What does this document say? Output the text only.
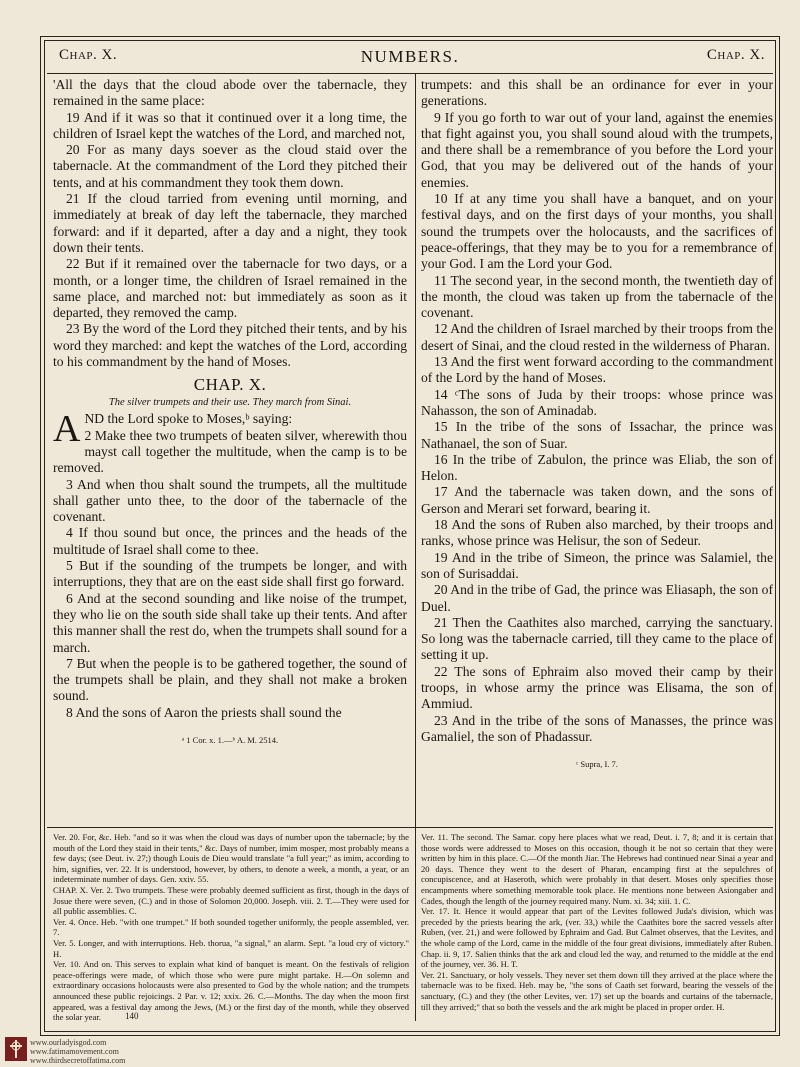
Chap. X.	NUMBERS.	Chap. X.

'All the days that the cloud abode over the tabernacle, they remained in the same place:

19 And if it was so that it continued over it a long time, the children of Israel kept the watches of the Lord, and marched not,

20 For as many days soever as the cloud staid over the tabernacle. At the commandment of the Lord they pitched their tents, and at his commandment they took them down.

21 If the cloud tarried from evening until morning, and immediately at break of day left the tabernacle, they marched forward: and if it departed, after a day and a night, they took down their tents.

22 But if it remained over the tabernacle for two days, or a month, or a longer time, the children of Israel remained in the same place, and marched not: but immediately as soon as it departed, they removed the camp.

23 By the word of the Lord they pitched their tents, and by his word they marched: and kept the watches of the Lord, according to his commandment by the hand of Moses.

CHAP. X.
The silver trumpets and their use. They march from Sinai.

AND the Lord spoke to Moses,ᵇ saying:

2 Make thee two trumpets of beaten silver, wherewith thou mayst call together the multitude, when the camp is to be removed.

3 And when thou shalt sound the trumpets, all the multitude shall gather unto thee, to the door of the tabernacle of the covenant.

4 If thou sound but once, the princes and the heads of the multitude of Israel shall come to thee.

5 But if the sounding of the trumpets be longer, and with interruptions, they that are on the east side shall first go forward.

6 And at the second sounding and like noise of the trumpet, they who lie on the south side shall take up their tents. And after this manner shall the rest do, when the trumpets shall sound for a march.

7 But when the people is to be gathered together, the sound of the trumpets shall be plain, and they shall not make a broken sound.

8 And the sons of Aaron the priests shall sound the

ᵃ 1 Cor. x. 1.—ᵇ A. M. 2514.

trumpets: and this shall be an ordinance for ever in your generations.

9 If you go forth to war out of your land, against the enemies that fight against you, you shall sound aloud with the trumpets, and there shall be a remembrance of you before the Lord your God, that you may be delivered out of the hands of your enemies.

10 If at any time you shall have a banquet, and on your festival days, and on the first days of your months, you shall sound the trumpets over the holocausts, and the sacrifices of peace-offerings, that they may be to you for a remembrance of your God. I am the Lord your God.

11 The second year, in the second month, the twentieth day of the month, the cloud was taken up from the tabernacle of the covenant.

12 And the children of Israel marched by their troops from the desert of Sinai, and the cloud rested in the wilderness of Pharan.

13 And the first went forward according to the commandment of the Lord by the hand of Moses.

14 ᶜThe sons of Juda by their troops: whose prince was Nahasson, the son of Aminadab.

15 In the tribe of the sons of Issachar, the prince was Nathanael, the son of Suar.

16 In the tribe of Zabulon, the prince was Eliab, the son of Helon.

17 And the tabernacle was taken down, and the sons of Gerson and Merari set forward, bearing it.

18 And the sons of Ruben also marched, by their troops and ranks, whose prince was Helisur, the son of Sedeur.

19 And in the tribe of Simeon, the prince was Salamiel, the son of Surisaddai.

20 And in the tribe of Gad, the prince was Eliasaph, the son of Duel.

21 Then the Caathites also marched, carrying the sanctuary. So long was the tabernacle carried, till they came to the place of setting it up.

22 The sons of Ephraim also moved their camp by their troops, in whose army the prince was Elisama, the son of Ammiud.

23 And in the tribe of the sons of Manasses, the prince was Gamaliel, the son of Phadassur.

ᶜ Supra, I. 7.

Ver. 20. For, &c. Heb. "and so it was when the cloud was days of number upon the tabernacle; by the mouth of the Lord they staid in their tents," &c. Days of number, imim mosper, most probably means a few days; (see Deut. iv. 27;) though Louis de Dieu would translate "a full year;" as imim, according to him, signifies, ver. 22. It is understood, however, by others, to denote a week, a month, a year, or an indeterminate number of days. Gen. xxiv. 55.

CHAP. X. Ver. 2. Two trumpets. These were probably deemed sufficient as first, though in the days of Josue there were seven, (C.) and in those of Solomon 20,000. Joseph. viii. 2. T.—They were used for all public assemblies. C.

Ver. 4. Once. Heb. "with one trumpet." If both sounded together uniformly, the people assembled, ver. 7.

Ver. 5. Longer, and with interruptions. Heb. thorua, "a signal," an alarm. Sept. "a loud cry of victory." H.

Ver. 10. And on. This serves to explain what kind of banquet is meant. On the festivals of religion peace-offerings were made, of which those who were pure might partake. H.—On solemn and extraordinary occasions holocausts were also presented to God by the whole nation; and the trumpets announced these public rejoicings. 2 Par. v. 12; xxix. 26. C.—Months. The day when the moon first appeared, was a festival day among the Jews, (M.) or the first day of the month, while they observed the solar year.

Ver. 11. The second. The Samar. copy here places what we read, Deut. i. 7, 8; and it is certain that those words were addressed to Moses on this occasion, though it be not so certain that they were written by him in this place. C.—Of the month Jiar. The Hebrews had continued near Sinai a year and 20 days. Thence they went to the desert of Pharan, encamping first at the sepulchres of concupiscence, and at Haseroth, which were probably in that desert. Moses only specifies those encampments where something memorable took place. He mentions none between Asiongaber and Cades, though the length of the journey required many. Num. xi. 34; xiii. 1. C.

Ver. 17. It. Hence it would appear that part of the Levites followed Juda's division, which was preceded by the priests bearing the ark, (ver. 33,) while the Caathites bore the sacred vessels after Ruben, (ver. 21,) and were followed by Ephraim and Gad. But Calmet observes, that the Levites, and the whole camp of the Lord, came in the middle of the four great divisions, immediately after Ruben. Chap. ii. 9, 17. Salien thinks that the ark and cloud led the way, and returned to the middle at the end of the journey, ver. 36. H. T.

Ver. 21. Sanctuary, or holy vessels. They never set them down till they arrived at the place where the tabernacle was to be fixed. Heb. may be, "the sons of Caath set forward, bearing the vessels of the sanctuary, (C.) and they (the other Levites, ver. 17) set up the boards and curtains of the tabernacle, till they arrived;" that so both the vessels and the ark might be placed in proper order. H.

140
www.ourladyisgod.com
www.fatimamovement.com
www.thirdsecretoffatima.com
